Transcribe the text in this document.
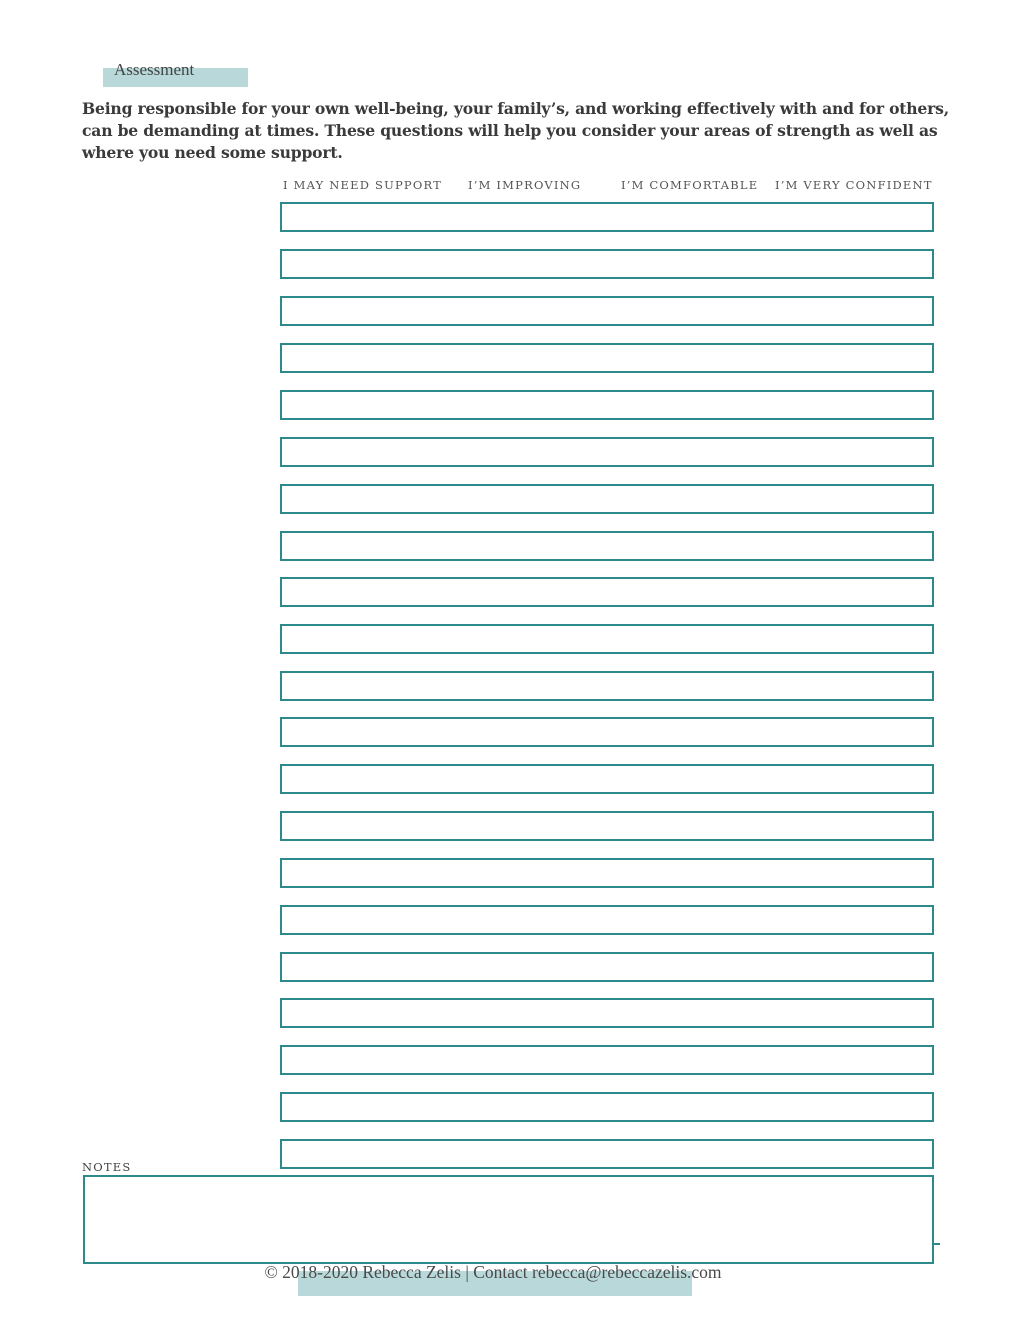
Assessment
Being responsible for your own well-being, your family’s, and working effectively with and for others, can be demanding at times. These questions will help you consider your areas of strength as well as where you need some support.
I MAY NEED SUPPORT I’M IMPROVING	I’M COMFORTABLE I’M VERY CONFIDENT
NOTES
© 2018-2020 Rebecca Zelis | Contact rebecca@rebeccazelis.com
